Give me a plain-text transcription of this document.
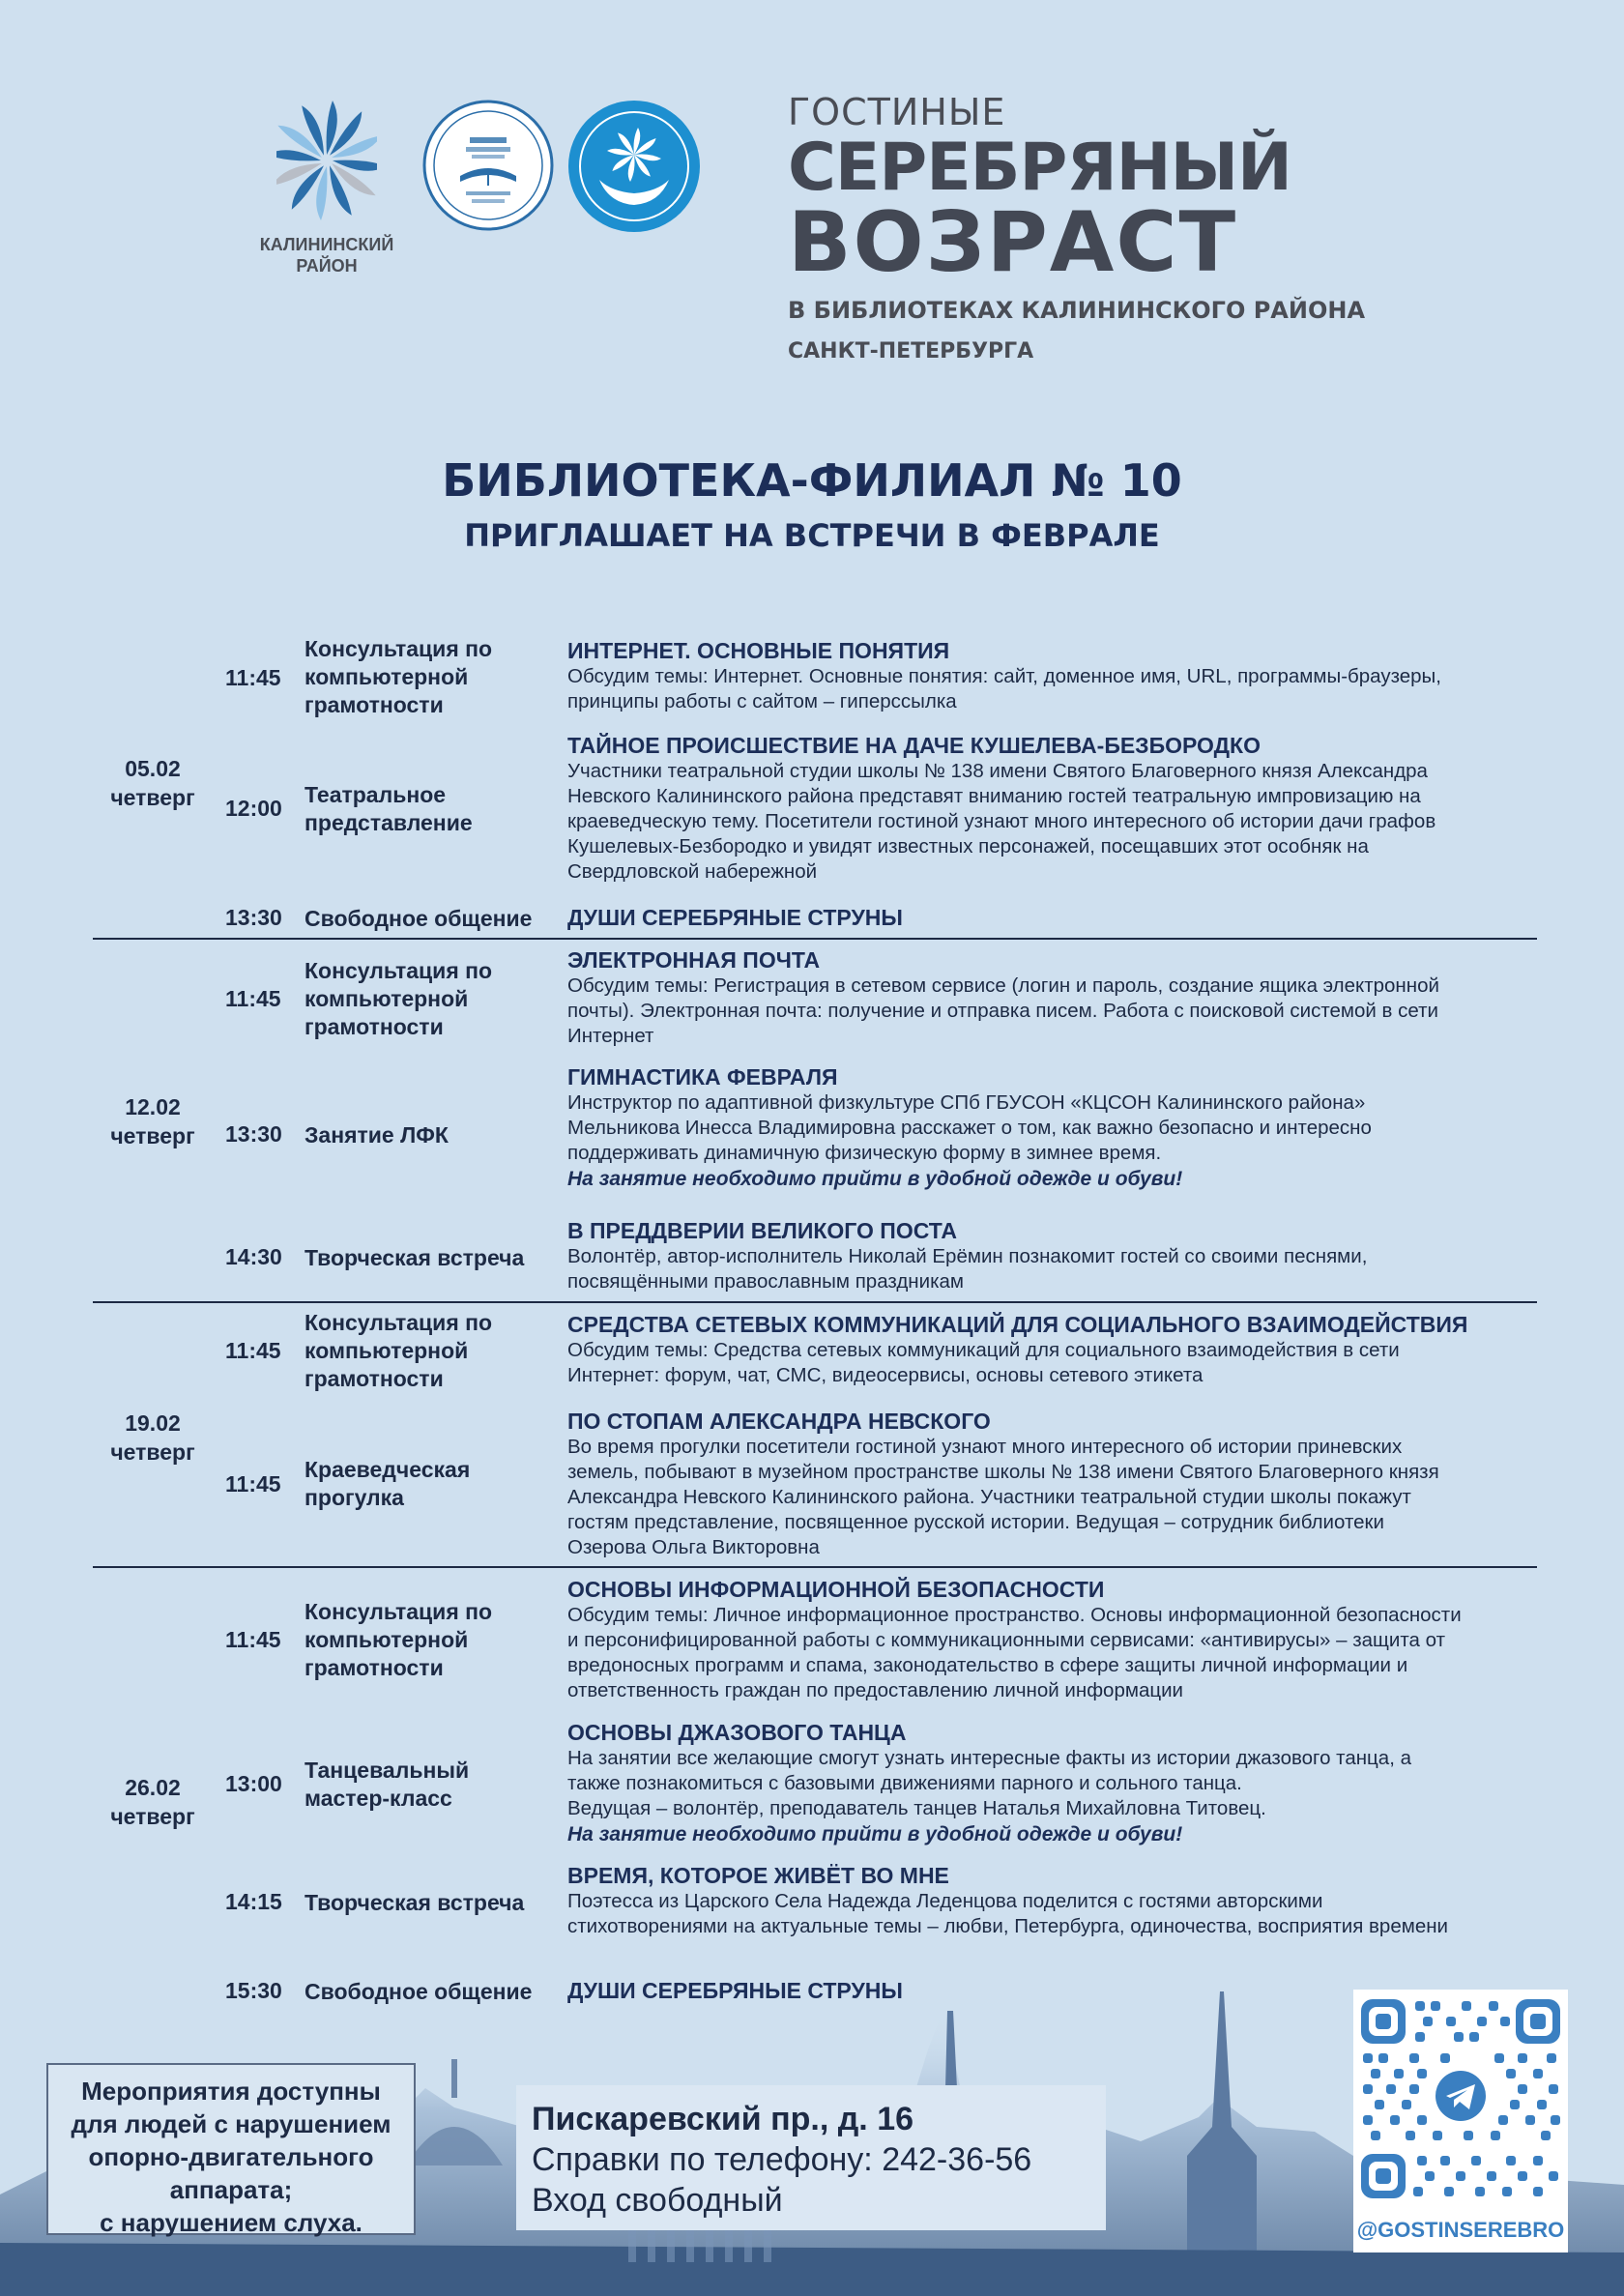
КАЛИНИНСКИЙ
РАЙОН
ГОСТИНЫЕ
СЕРЕБРЯНЫЙ
ВОЗРАСТ
В БИБЛИОТЕКАХ КАЛИНИНСКОГО РАЙОНА
САНКТ-ПЕТЕРБУРГА
БИБЛИОТЕКА-ФИЛИАЛ № 10
ПРИГЛАШАЕТ НА ВСТРЕЧИ В ФЕВРАЛЕ
05.02
четверг
11:45
Консультация по
компьютерной
грамотности
ИНТЕРНЕТ. ОСНОВНЫЕ ПОНЯТИЯ
Обсудим темы: Интернет. Основные понятия: сайт, доменное имя, URL, программы-браузеры,
принципы работы с сайтом – гиперссылка
12:00
Театральное
представление
ТАЙНОЕ ПРОИСШЕСТВИЕ НА ДАЧЕ КУШЕЛЕВА-БЕЗБОРОДКО
Участники театральной студии школы № 138 имени Святого Благоверного князя Александра
Невского Калининского района представят вниманию гостей театральную импровизацию на
краеведческую тему. Посетители гостиной узнают много интересного об истории дачи графов
Кушелевых-Безбородко и увидят известных персонажей, посещавших этот особняк на
Свердловской набережной
13:30 Свободное общение	ДУШИ СЕРЕБРЯНЫЕ СТРУНЫ
12.02
четверг
11:45
Консультация по
компьютерной
грамотности
ЭЛЕКТРОННАЯ ПОЧТА
Обсудим темы: Регистрация в сетевом сервисе (логин и пароль, создание ящика электронной
почты). Электронная почта: получение и отправка писем. Работа с поисковой системой в сети
Интернет
13:30 Занятие ЛФК
ГИМНАСТИКА ФЕВРАЛЯ
Инструктор по адаптивной физкультуре СПб ГБУСОН «КЦСОН Калининского района»
Мельникова Инесса Владимировна расскажет о том, как важно безопасно и интересно
поддерживать динамичную физическую форму в зимнее время.
На занятие необходимо прийти в удобной одежде и обуви!
14:30 Творческая встреча
В ПРЕДДВЕРИИ ВЕЛИКОГО ПОСТА
Волонтёр, автор-исполнитель Николай Ерёмин познакомит гостей со своими песнями,
посвящёнными православным праздникам
19.02
четверг
11:45
Консультация по
компьютерной
грамотности
СРЕДСТВА СЕТЕВЫХ КОММУНИКАЦИЙ ДЛЯ СОЦИАЛЬНОГО ВЗАИМОДЕЙСТВИЯ
Обсудим темы: Средства сетевых коммуникаций для социального взаимодействия в сети
Интернет: форум, чат, СМС, видеосервисы, основы сетевого этикета
11:45
Краеведческая
прогулка
ПО СТОПАМ АЛЕКСАНДРА НЕВСКОГО
Во время прогулки посетители гостиной узнают много интересного об истории приневских
земель, побывают в музейном пространстве школы № 138 имени Святого Благоверного князя
Александра Невского Калининского района. Участники театральной студии школы покажут
гостям представление, посвященное русской истории. Ведущая – сотрудник библиотеки
Озерова Ольга Викторовна
26.02
четверг
11:45
Консультация по
компьютерной
грамотности
ОСНОВЫ ИНФОРМАЦИОННОЙ БЕЗОПАСНОСТИ
Обсудим темы: Личное информационное пространство. Основы информационной безопасности
и персонифицированной работы с коммуникационными сервисами: «антивирусы» – защита от
вредоносных программ и спама, законодательство в сфере защиты личной информации и
ответственность граждан по предоставлению личной информации
13:00
Танцевальный
мастер-класс
ОСНОВЫ ДЖАЗОВОГО ТАНЦА
На занятии все желающие смогут узнать интересные факты из истории джазового танца, а
также познакомиться с базовыми движениями парного и сольного танца.
Ведущая – волонтёр, преподаватель танцев Наталья Михайловна Титовец.
На занятие необходимо прийти в удобной одежде и обуви!
14:15 Творческая встреча
ВРЕМЯ, КОТОРОЕ ЖИВЁТ ВО МНЕ
Поэтесса из Царского Села Надежда Леденцова поделится с гостями авторскими
стихотворениями на актуальные темы – любви, Петербурга, одиночества, восприятия времени
15:30 Свободное общение	ДУШИ СЕРЕБРЯНЫЕ СТРУНЫ
Мероприятия доступны
для людей с нарушением
опорно-двигательного
аппарата;
с нарушением слуха.
Пискаревский пр., д. 16
Справки по телефону: 242-36-56
Вход свободный
@GOSTINSEREBRO
